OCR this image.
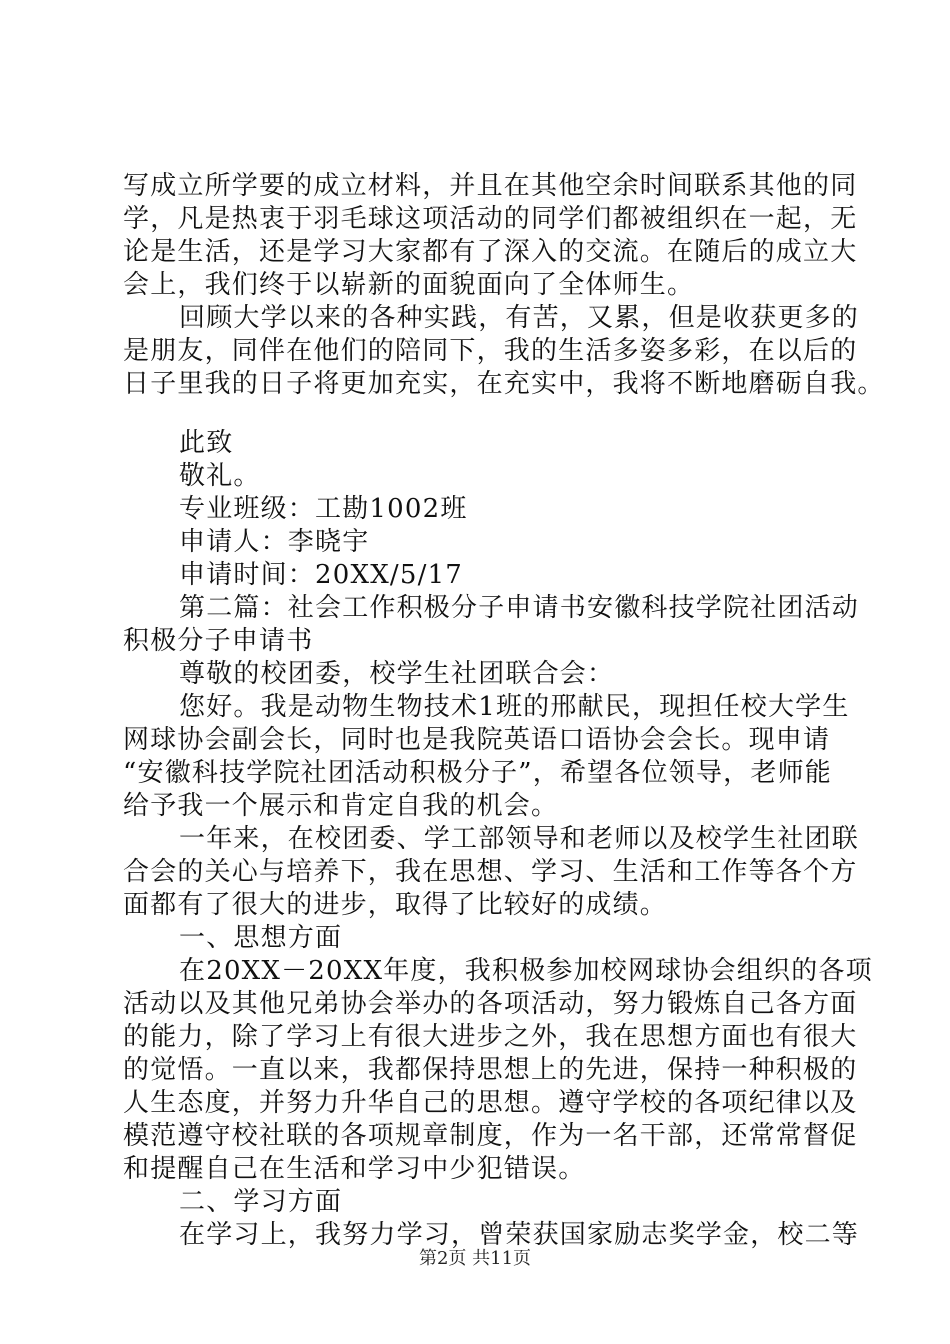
写成立所学要的成立材料，并且在其他空余时间联系其他的同
学，凡是热衷于羽毛球这项活动的同学们都被组织在一起，无
论是生活，还是学习大家都有了深入的交流。在随后的成立大
会上，我们终于以崭新的面貌面向了全体师生。
回顾大学以来的各种实践，有苦，又累，但是收获更多的
是朋友，同伴在他们的陪同下，我的生活多姿多彩，在以后的
日子里我的日子将更加充实，在充实中，我将不断地磨砺自我。
此致
敬礼。
专业班级：工勘1002班
申请人：李晓宇
申请时间：20XX/5/17
第二篇：社会工作积极分子申请书安徽科技学院社团活动
积极分子申请书
尊敬的校团委，校学生社团联合会：
您好。我是动物生物技术1班的邢献民，现担任校大学生
网球协会副会长，同时也是我院英语口语协会会长。现申请
“安徽科技学院社团活动积极分子”，希望各位领导，老师能
给予我一个展示和肯定自我的机会。
一年来，在校团委、学工部领导和老师以及校学生社团联
合会的关心与培养下，我在思想、学习、生活和工作等各个方
面都有了很大的进步，取得了比较好的成绩。
一、思想方面
在20XX－20XX年度，我积极参加校网球协会组织的各项
活动以及其他兄弟协会举办的各项活动，努力锻炼自己各方面
的能力，除了学习上有很大进步之外，我在思想方面也有很大
的觉悟。一直以来，我都保持思想上的先进，保持一种积极的
人生态度，并努力升华自己的思想。遵守学校的各项纪律以及
模范遵守校社联的各项规章制度，作为一名干部，还常常督促
和提醒自己在生活和学习中少犯错误。
二、学习方面
在学习上，我努力学习，曾荣获国家励志奖学金，校二等
第2页 共11页
